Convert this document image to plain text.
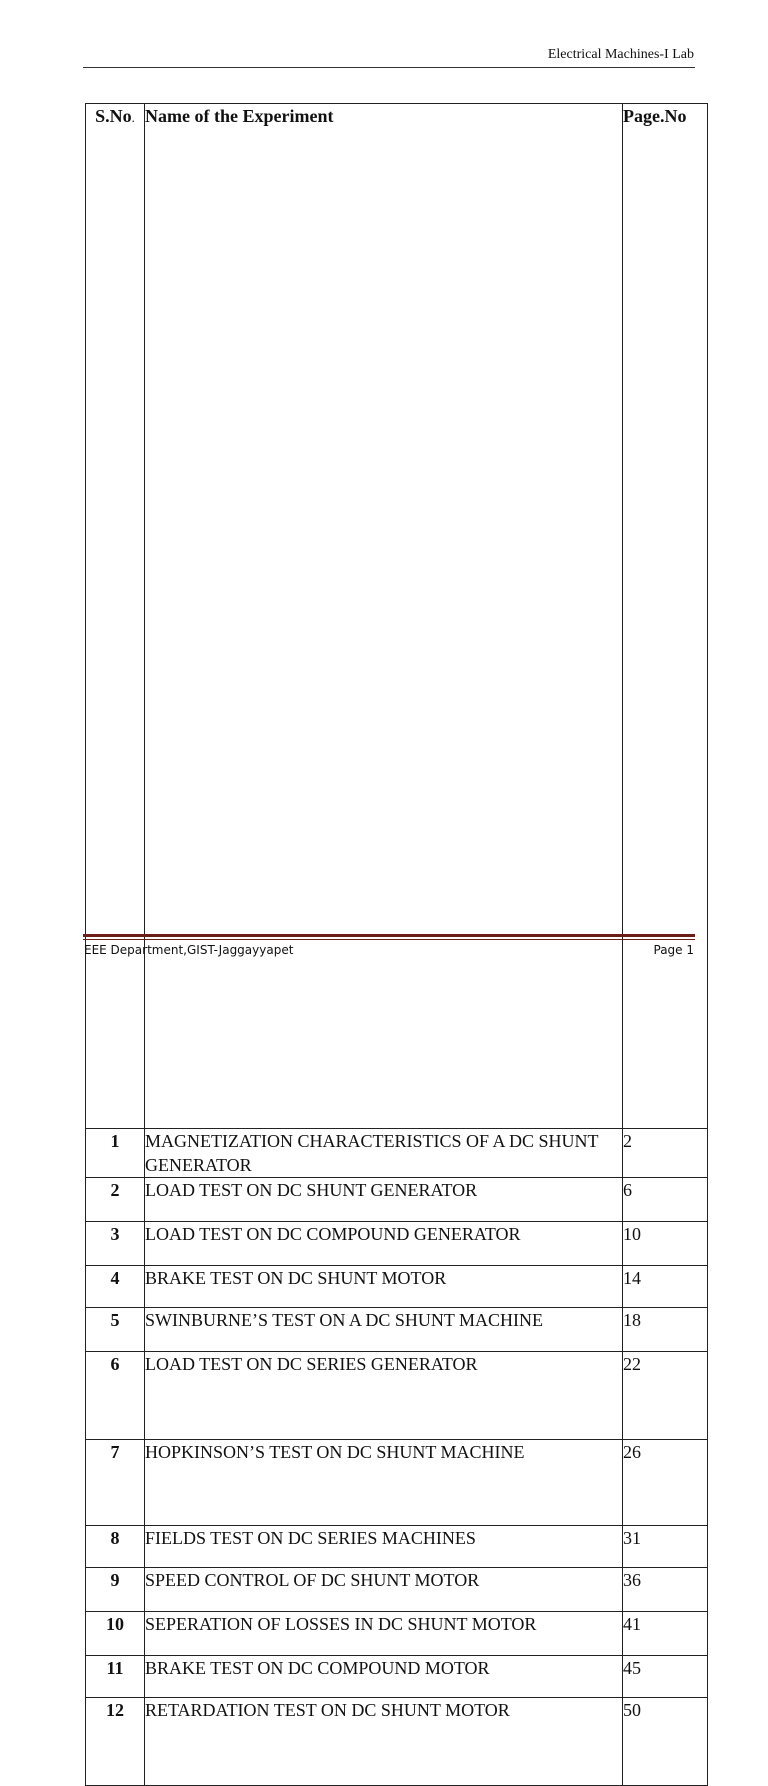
Electrical Machines-I Lab
S.No.	Name of the Experiment	Page.No
1	MAGNETIZATION CHARACTERISTICS OF A DC SHUNT GENERATOR	2
2	LOAD TEST ON DC SHUNT GENERATOR	6
3	LOAD TEST ON DC COMPOUND GENERATOR	10
4	BRAKE TEST ON DC SHUNT MOTOR	14
5	SWINBURNE’S TEST ON A DC SHUNT MACHINE	18
6	LOAD TEST ON DC SERIES GENERATOR	22
7	HOPKINSON’S TEST ON DC SHUNT MACHINE	26
8	FIELDS TEST ON DC SERIES MACHINES	31
9	SPEED CONTROL OF DC SHUNT MOTOR	36
10	SEPERATION OF LOSSES IN DC SHUNT MOTOR	41
11	BRAKE TEST ON DC COMPOUND MOTOR	45
12	RETARDATION TEST ON DC SHUNT MOTOR	50
EEE Department,GIST-Jaggayyapet	Page 1
